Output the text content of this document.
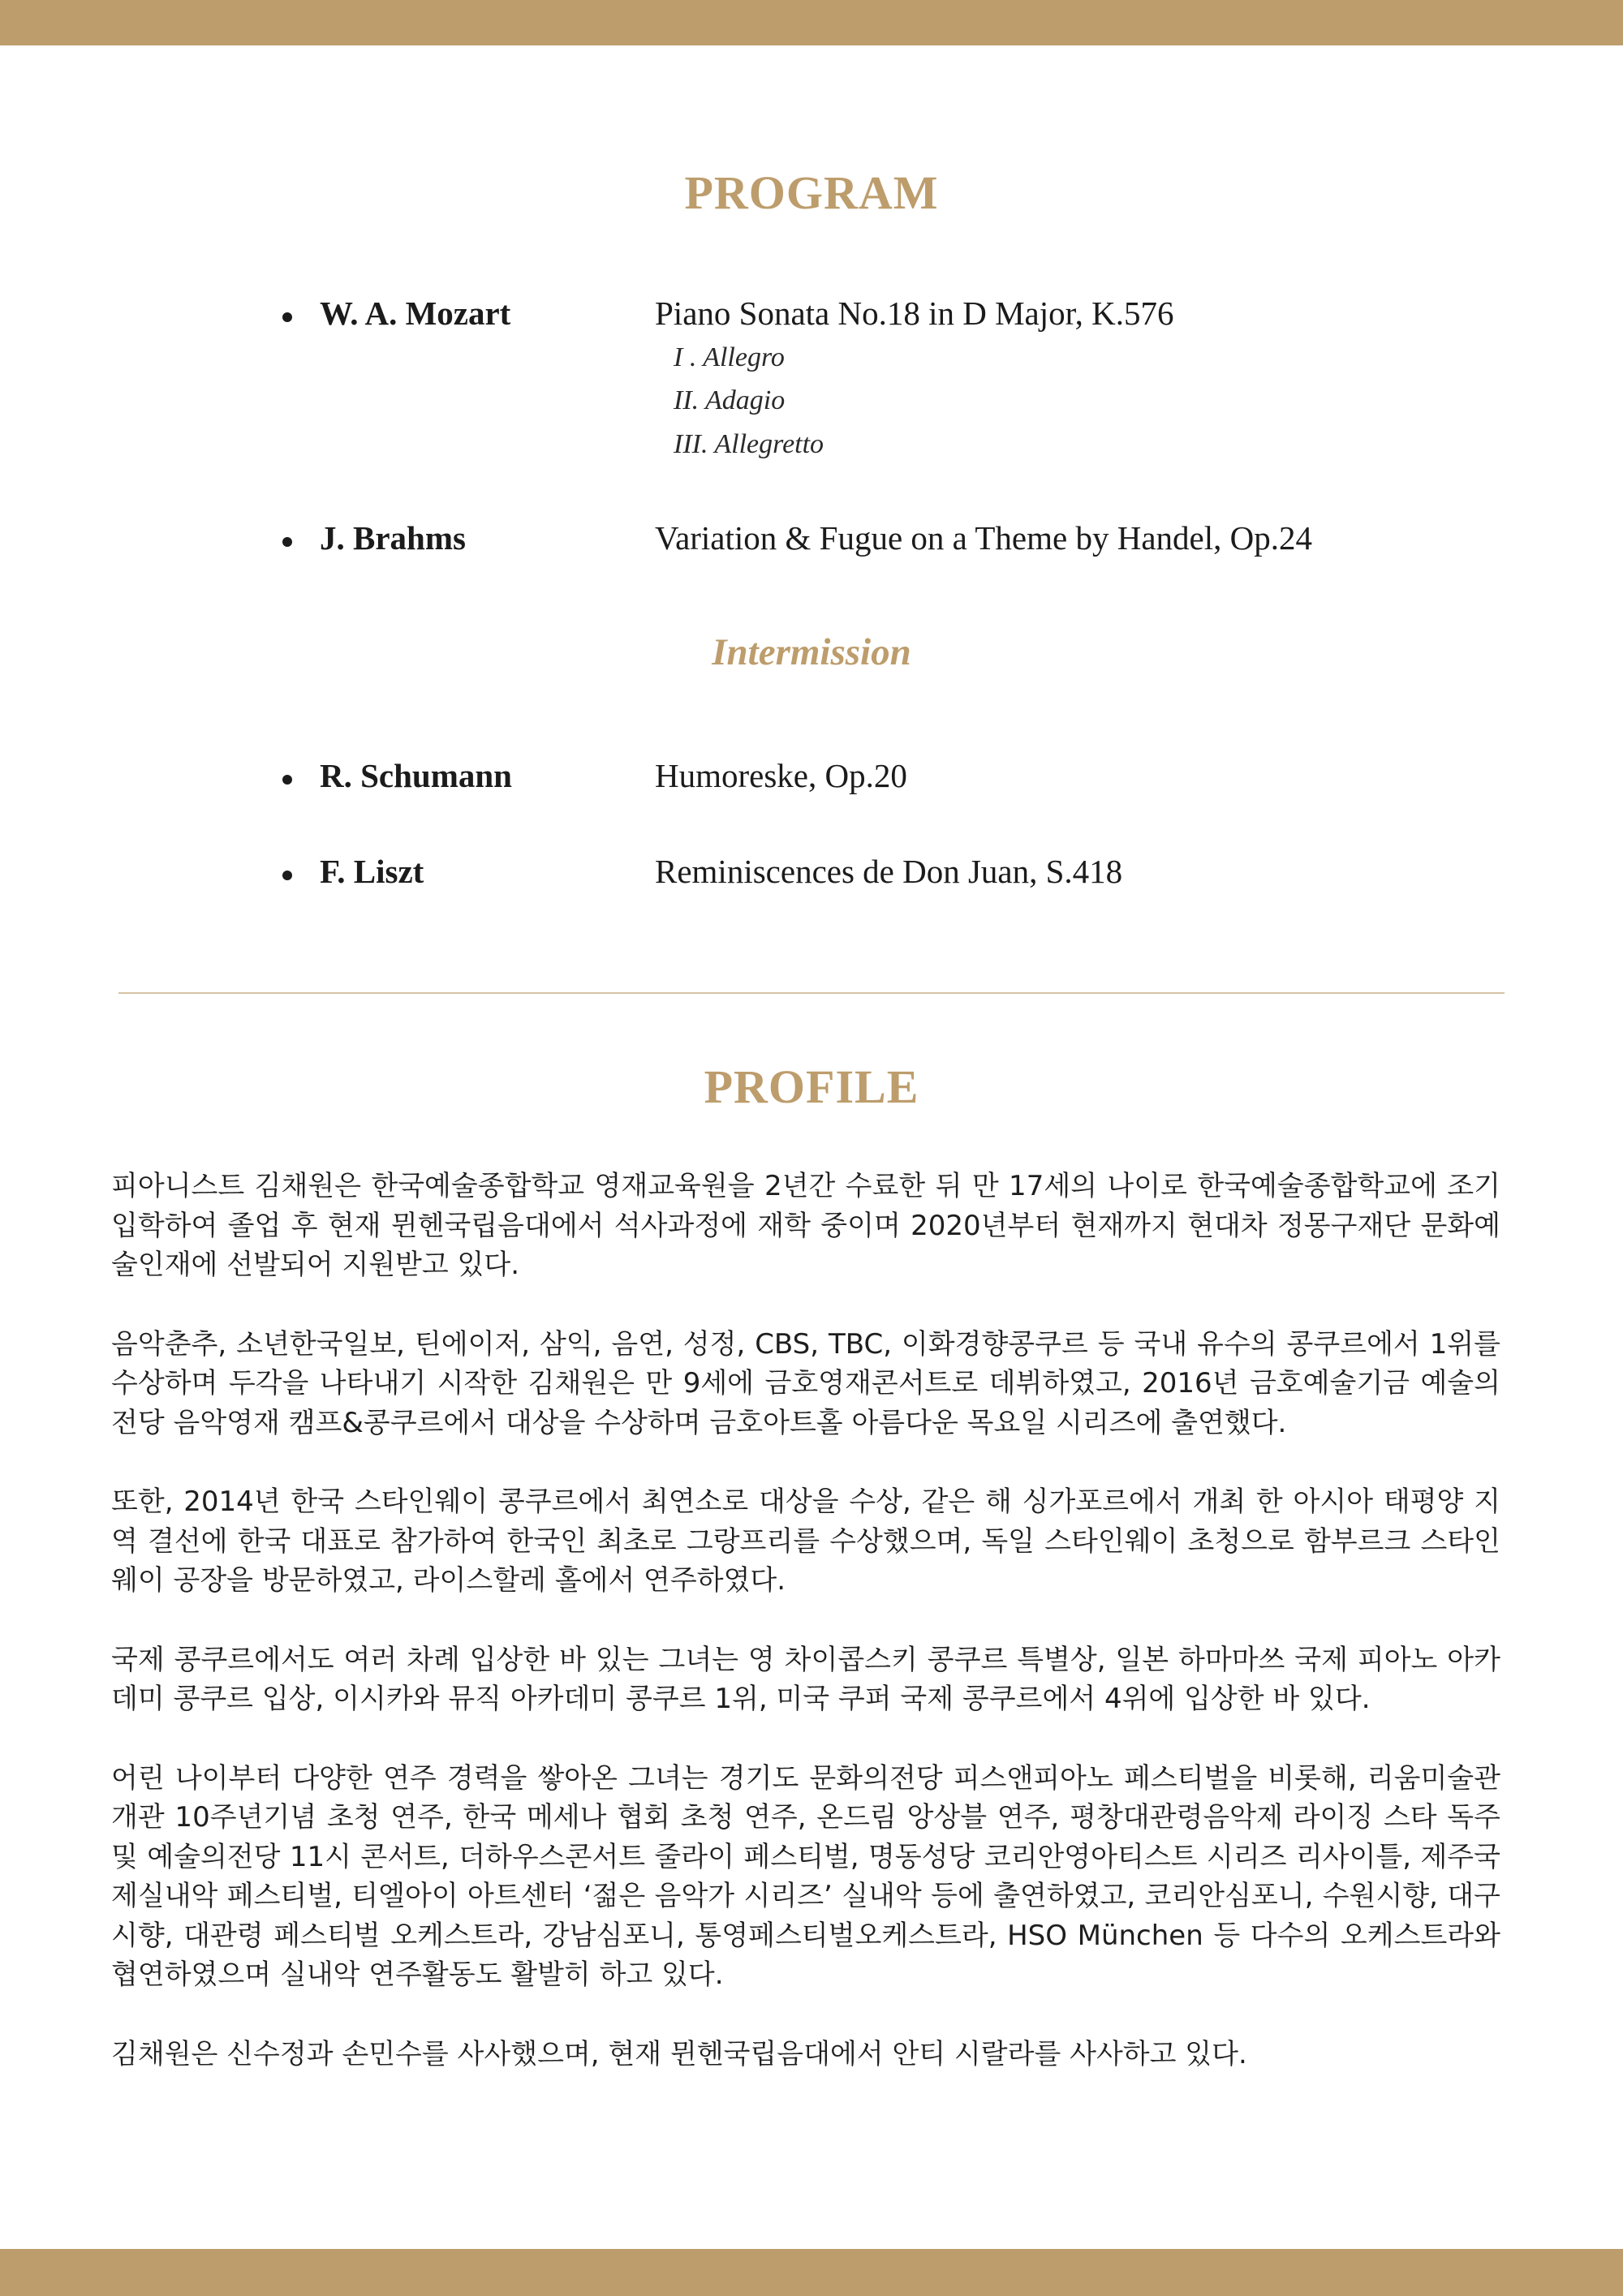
PROGRAM
W. A. Mozart	Piano Sonata No.18 in D Major, K.576
I . Allegro
II. Adagio
III. Allegretto
J. Brahms	Variation & Fugue on a Theme by Handel, Op.24
Intermission
R. Schumann	Humoreske, Op.20
F. Liszt	Reminiscences de Don Juan, S.418
PROFILE

피아니스트 김채원은 한국예술종합학교 영재교육원을 2년간 수료한 뒤 만 17세의 나이로 한국예술종합학교에 조기 입학하여 졸업 후 현재 뮌헨국립음대에서 석사과정에 재학 중이며 2020년부터 현재까지 현대차 정몽구재단 문화예술인재에 선발되어 지원받고 있다.

음악춘추, 소년한국일보, 틴에이저, 삼익, 음연, 성정, CBS, TBC, 이화경향콩쿠르 등 국내 유수의 콩쿠르에서 1위를 수상하며 두각을 나타내기 시작한 김채원은 만 9세에 금호영재콘서트로 데뷔하였고, 2016년 금호예술기금 예술의전당 음악영재 캠프&콩쿠르에서 대상을 수상하며 금호아트홀 아름다운 목요일 시리즈에 출연했다.

또한, 2014년 한국 스타인웨이 콩쿠르에서 최연소로 대상을 수상, 같은 해 싱가포르에서 개최 한 아시아 태평양 지역 결선에 한국 대표로 참가하여 한국인 최초로 그랑프리를 수상했으며, 독일 스타인웨이 초청으로 함부르크 스타인웨이 공장을 방문하였고, 라이스할레 홀에서 연주하였다.

국제 콩쿠르에서도 여러 차례 입상한 바 있는 그녀는 영 차이콥스키 콩쿠르 특별상, 일본 하마마쓰 국제 피아노 아카데미 콩쿠르 입상, 이시카와 뮤직 아카데미 콩쿠르 1위, 미국 쿠퍼 국제 콩쿠르에서 4위에 입상한 바 있다.

어린 나이부터 다양한 연주 경력을 쌓아온 그녀는 경기도 문화의전당 피스앤피아노 페스티벌을 비롯해, 리움미술관 개관 10주년기념 초청 연주, 한국 메세나 협회 초청 연주, 온드림 앙상블 연주, 평창대관령음악제 라이징 스타 독주 및 예술의전당 11시 콘서트, 더하우스콘서트 줄라이 페스티벌, 명동성당 코리안영아티스트 시리즈 리사이틀, 제주국제실내악 페스티벌, 티엘아이 아트센터 ‘젊은 음악가 시리즈’ 실내악 등에 출연하였고, 코리안심포니, 수원시향, 대구시향, 대관령 페스티벌 오케스트라, 강남심포니, 통영페스티벌오케스트라, HSO München 등 다수의 오케스트라와 협연하였으며 실내악 연주활동도 활발히 하고 있다.

김채원은 신수정과 손민수를 사사했으며, 현재 뮌헨국립음대에서 안티 시랄라를 사사하고 있다.
